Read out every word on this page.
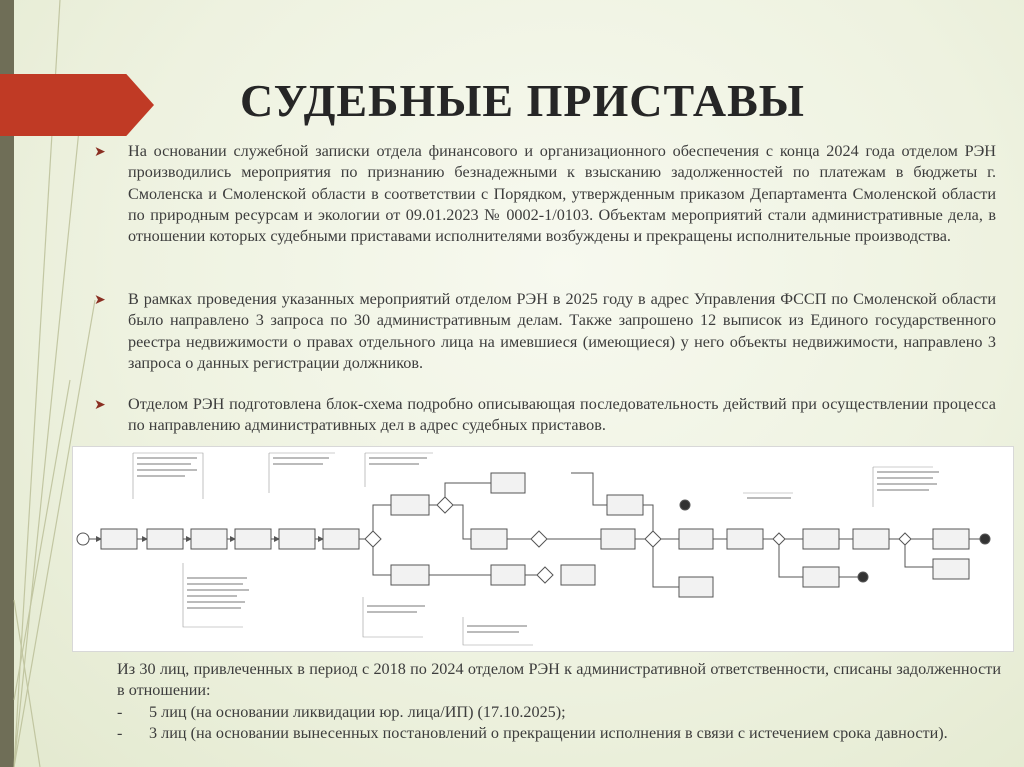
СУДЕБНЫЕ ПРИСТАВЫ
➤ На основании служебной записки отдела финансового и организационного обеспечения с конца 2024 года отделом РЭН производились мероприятия по признанию безнадежными к взысканию задолженностей по платежам в бюджеты г. Смоленска и Смоленской области в соответствии с Порядком, утвержденным приказом Департамента Смоленской области по природным ресурсам и экологии от 09.01.2023 № 0002-1/0103. Объектам мероприятий стали административные дела, в отношении которых судебными приставами исполнителями возбуждены и прекращены исполнительные производства.
➤ В рамках проведения указанных мероприятий отделом РЭН в 2025 году в адрес Управления ФССП по Смоленской области было направлено 3 запроса по 30 административным делам. Также запрошено 12 выписок из Единого государственного реестра недвижимости о правах отдельного лица на имевшиеся (имеющиеся) у него объекты недвижимости, направлено 3 запроса о данных регистрации должников.
➤ Отделом РЭН подготовлена блок-схема подробно описывающая последовательность действий при осуществлении процесса по направлению административных дел в адрес судебных приставов.
Из 30 лиц, привлеченных в период с 2018 по 2024 отделом РЭН к административной ответственности, списаны задолженности в отношении:
- 5 лиц (на основании ликвидации юр. лица/ИП) (17.10.2025);
- 3 лиц (на основании вынесенных постановлений о прекращении исполнения в связи с истечением срока давности).
